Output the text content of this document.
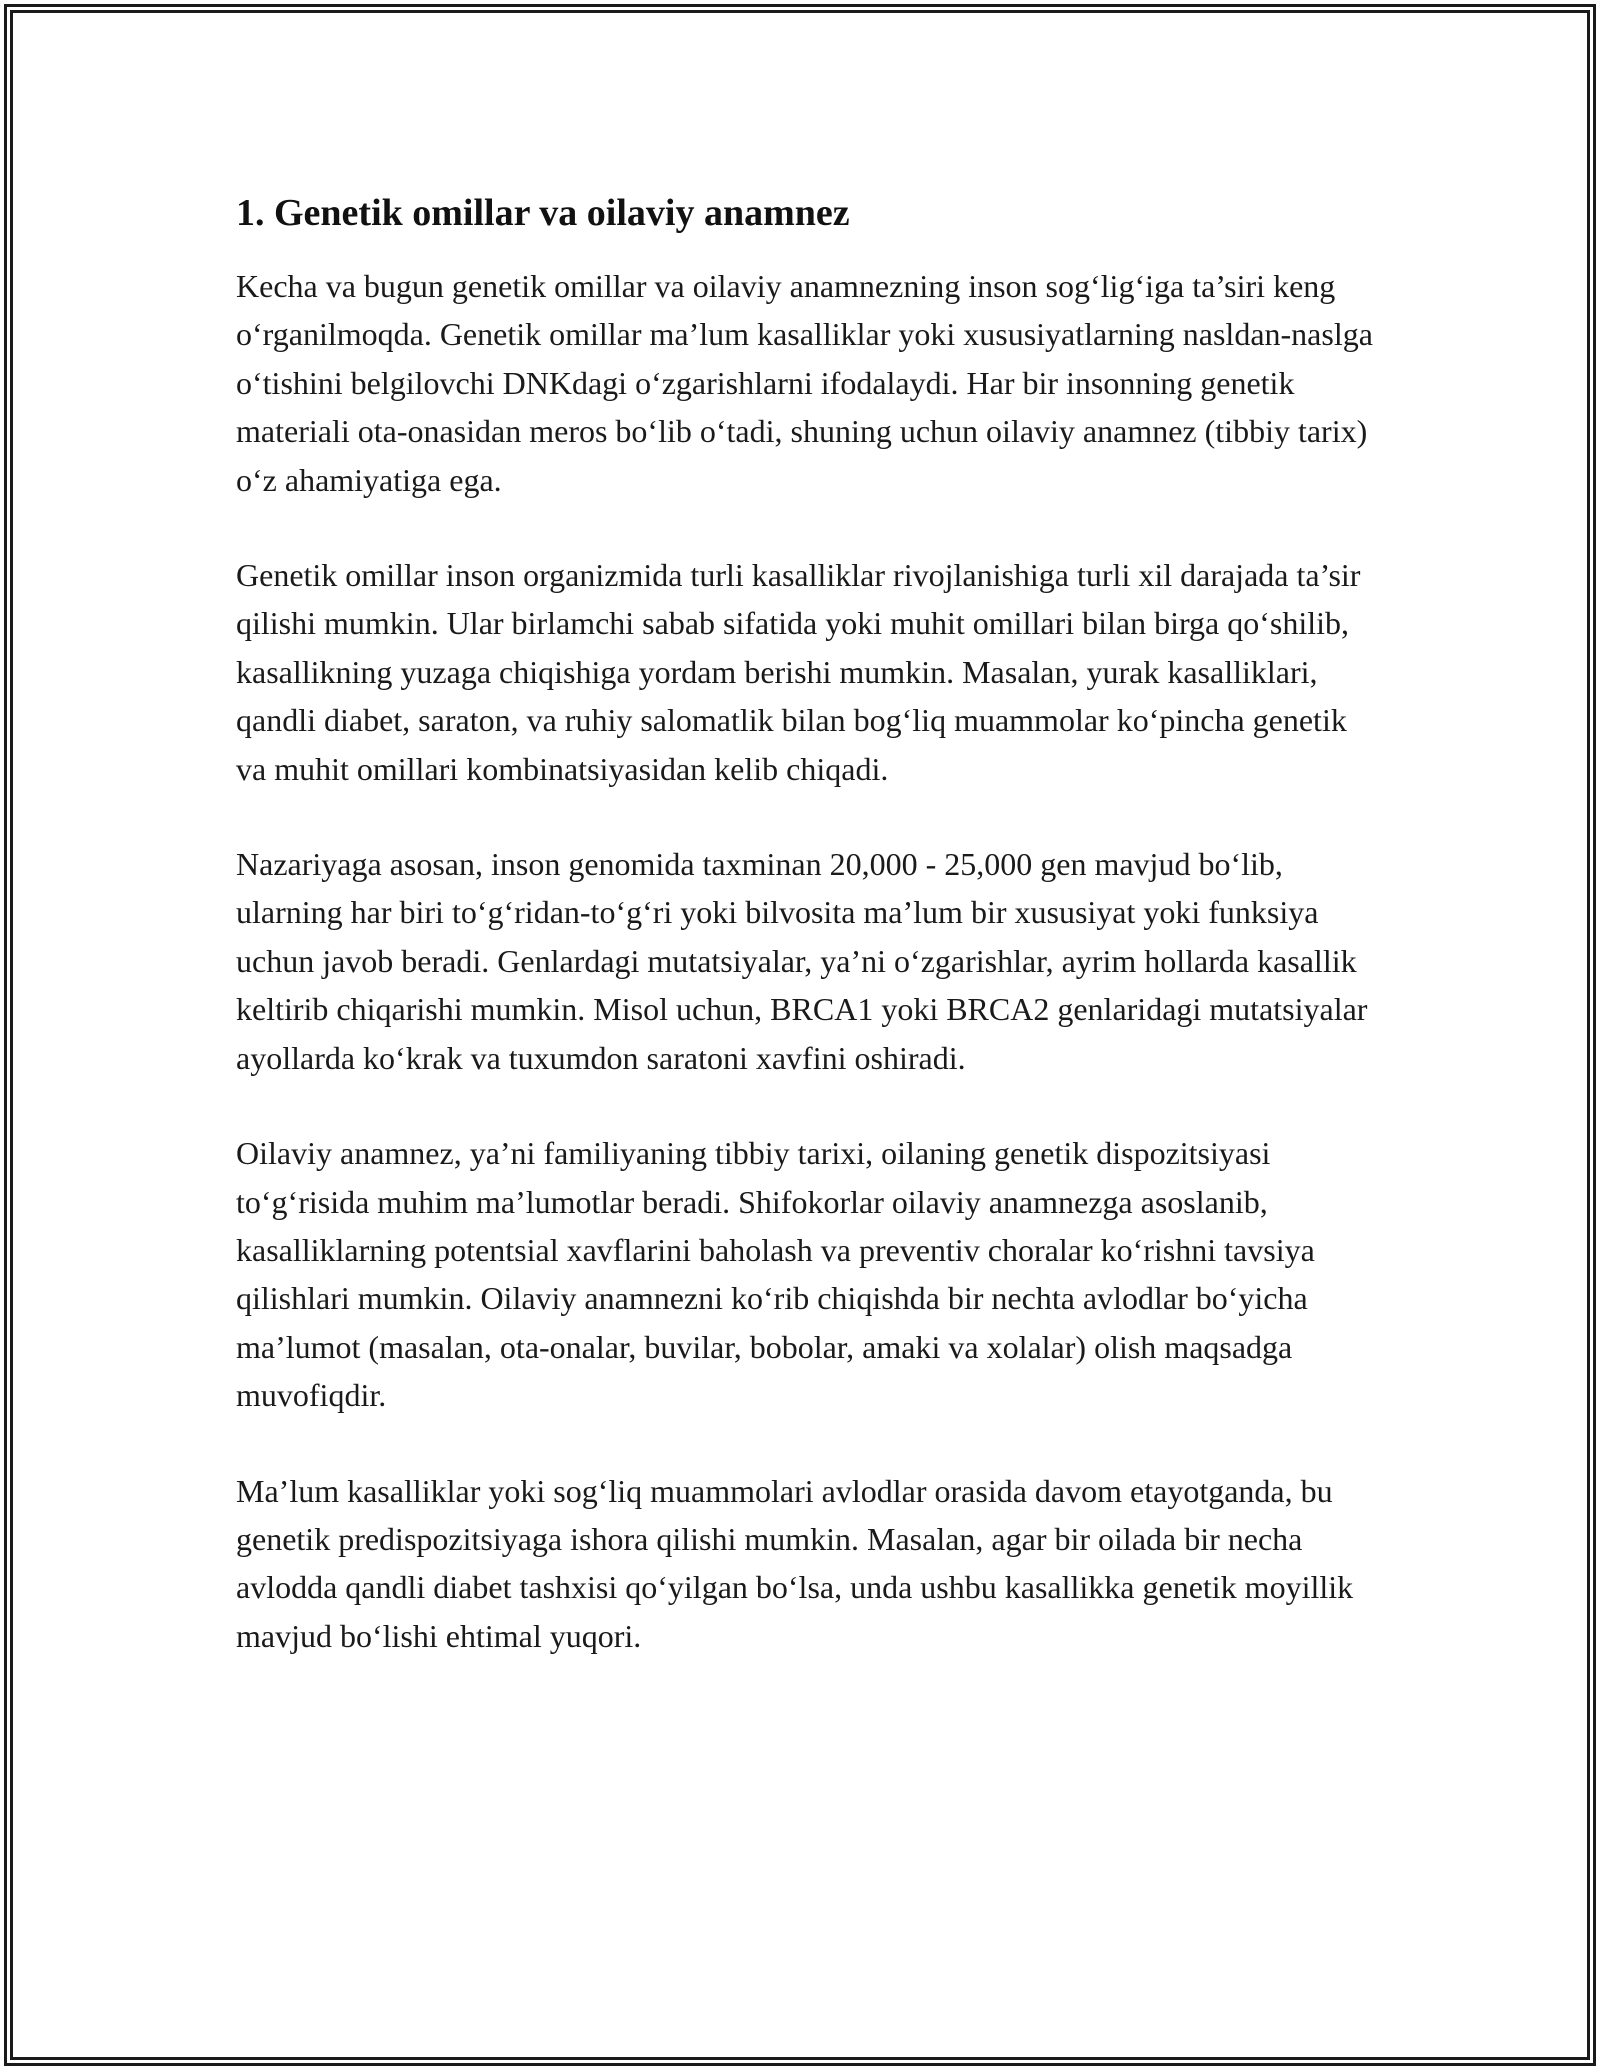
1. Genetik omillar va oilaviy anamnez

Kecha va bugun genetik omillar va oilaviy anamnezning inson sog‘lig‘iga ta’siri keng o‘rganilmoqda. Genetik omillar ma’lum kasalliklar yoki xususiyatlarning nasldan-naslga o‘tishini belgilovchi DNKdagi o‘zgarishlarni ifodalaydi. Har bir insonning genetik materiali ota-onasidan meros bo‘lib o‘tadi, shuning uchun oilaviy anamnez (tibbiy tarix) o‘z ahamiyatiga ega.

Genetik omillar inson organizmida turli kasalliklar rivojlanishiga turli xil darajada ta’sir qilishi mumkin. Ular birlamchi sabab sifatida yoki muhit omillari bilan birga qo‘shilib, kasallikning yuzaga chiqishiga yordam berishi mumkin. Masalan, yurak kasalliklari, qandli diabet, saraton, va ruhiy salomatlik bilan bog‘liq muammolar ko‘pincha genetik va muhit omillari kombinatsiyasidan kelib chiqadi.

Nazariyaga asosan, inson genomida taxminan 20,000 - 25,000 gen mavjud bo‘lib, ularning har biri to‘g‘ridan-to‘g‘ri yoki bilvosita ma’lum bir xususiyat yoki funksiya uchun javob beradi. Genlardagi mutatsiyalar, ya’ni o‘zgarishlar, ayrim hollarda kasallik keltirib chiqarishi mumkin. Misol uchun, BRCA1 yoki BRCA2 genlaridagi mutatsiyalar ayollarda ko‘krak va tuxumdon saratoni xavfini oshiradi.

Oilaviy anamnez, ya’ni familiyaning tibbiy tarixi, oilaning genetik dispozitsiyasi to‘g‘risida muhim ma’lumotlar beradi. Shifokorlar oilaviy anamnezga asoslanib, kasalliklarning potentsial xavflarini baholash va preventiv choralar ko‘rishni tavsiya qilishlari mumkin. Oilaviy anamnezni ko‘rib chiqishda bir nechta avlodlar bo‘yicha ma’lumot (masalan, ota-onalar, buvilar, bobolar, amaki va xolalar) olish maqsadga muvofiqdir.

Ma’lum kasalliklar yoki sog‘liq muammolari avlodlar orasida davom etayotganda, bu genetik predispozitsiyaga ishora qilishi mumkin. Masalan, agar bir oilada bir necha avlodda qandli diabet tashxisi qo‘yilgan bo‘lsa, unda ushbu kasallikka genetik moyillik mavjud bo‘lishi ehtimal yuqori.
